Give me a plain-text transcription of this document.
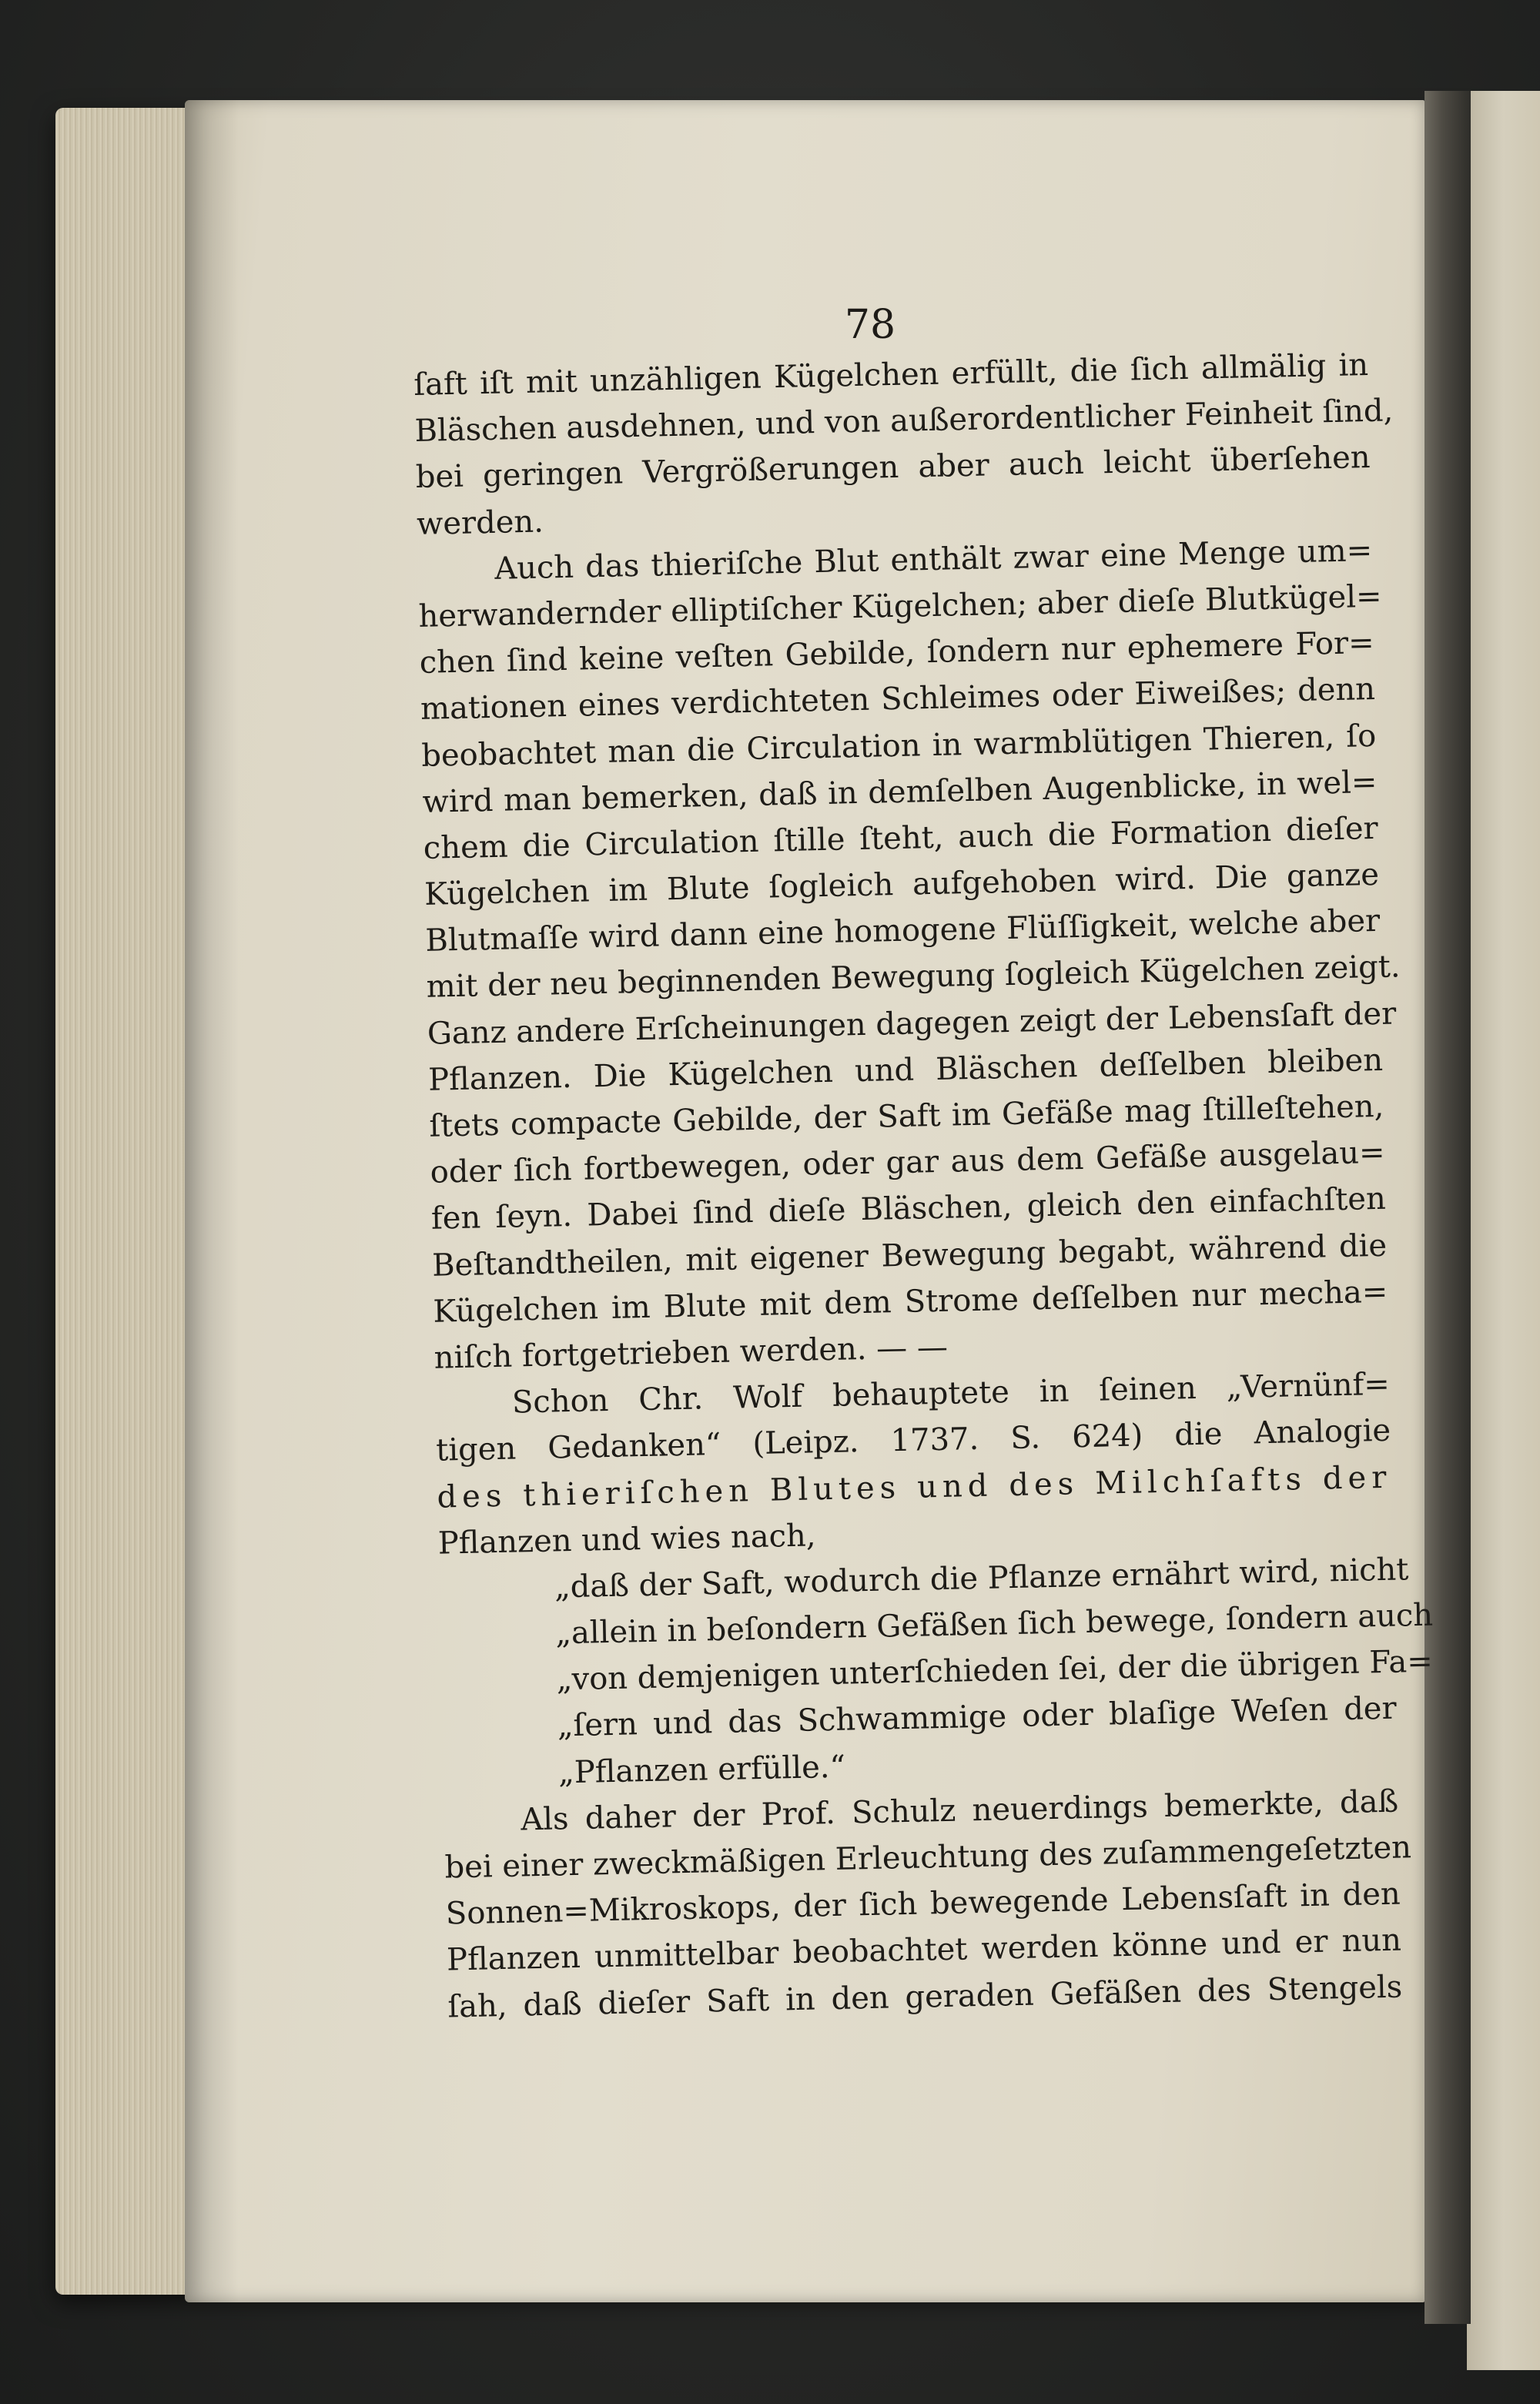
78
ſaft iſt mit unzähligen Kügelchen erfüllt, die ſich allmälig in
Bläschen ausdehnen, und von außerordentlicher Feinheit ſind,
bei geringen Vergrößerungen aber auch leicht überſehen
werden.
Auch das thieriſche Blut enthält zwar eine Menge um=
herwandernder elliptiſcher Kügelchen; aber dieſe Blutkügel=
chen ſind keine veſten Gebilde, ſondern nur ephemere For=
mationen eines verdichteten Schleimes oder Eiweißes; denn
beobachtet man die Circulation in warmblütigen Thieren, ſo
wird man bemerken, daß in demſelben Augenblicke, in wel=
chem die Circulation ſtille ſteht, auch die Formation dieſer
Kügelchen im Blute ſogleich aufgehoben wird. Die ganze
Blutmaſſe wird dann eine homogene Flüſſigkeit, welche aber
mit der neu beginnenden Bewegung ſogleich Kügelchen zeigt.
Ganz andere Erſcheinungen dagegen zeigt der Lebensſaft der
Pflanzen. Die Kügelchen und Bläschen deſſelben bleiben
ſtets compacte Gebilde, der Saft im Gefäße mag ſtilleſtehen,
oder ſich fortbewegen, oder gar aus dem Gefäße ausgelau=
fen ſeyn. Dabei ſind dieſe Bläschen, gleich den einfachſten
Beſtandtheilen, mit eigener Bewegung begabt, während die
Kügelchen im Blute mit dem Strome deſſelben nur mecha=
niſch fortgetrieben werden. — —
Schon Chr. Wolf behauptete in ſeinen „Vernünf=
tigen Gedanken“ (Leipz. 1737. S. 624) die Analogie
des thieriſchen Blutes und des Milchſafts der
Pflanzen und wies nach,
„daß der Saft, wodurch die Pflanze ernährt wird, nicht
„allein in beſondern Gefäßen ſich bewege, ſondern auch
„von demjenigen unterſchieden ſei, der die übrigen Fa=
„ſern und das Schwammige oder blaſige Weſen der
„Pflanzen erfülle.“
Als daher der Prof. Schulz neuerdings bemerkte, daß
bei einer zweckmäßigen Erleuchtung des zuſammengeſetzten
Sonnen=Mikroskops, der ſich bewegende Lebensſaft in den
Pflanzen unmittelbar beobachtet werden könne und er nun
ſah, daß dieſer Saft in den geraden Gefäßen des Stengels
